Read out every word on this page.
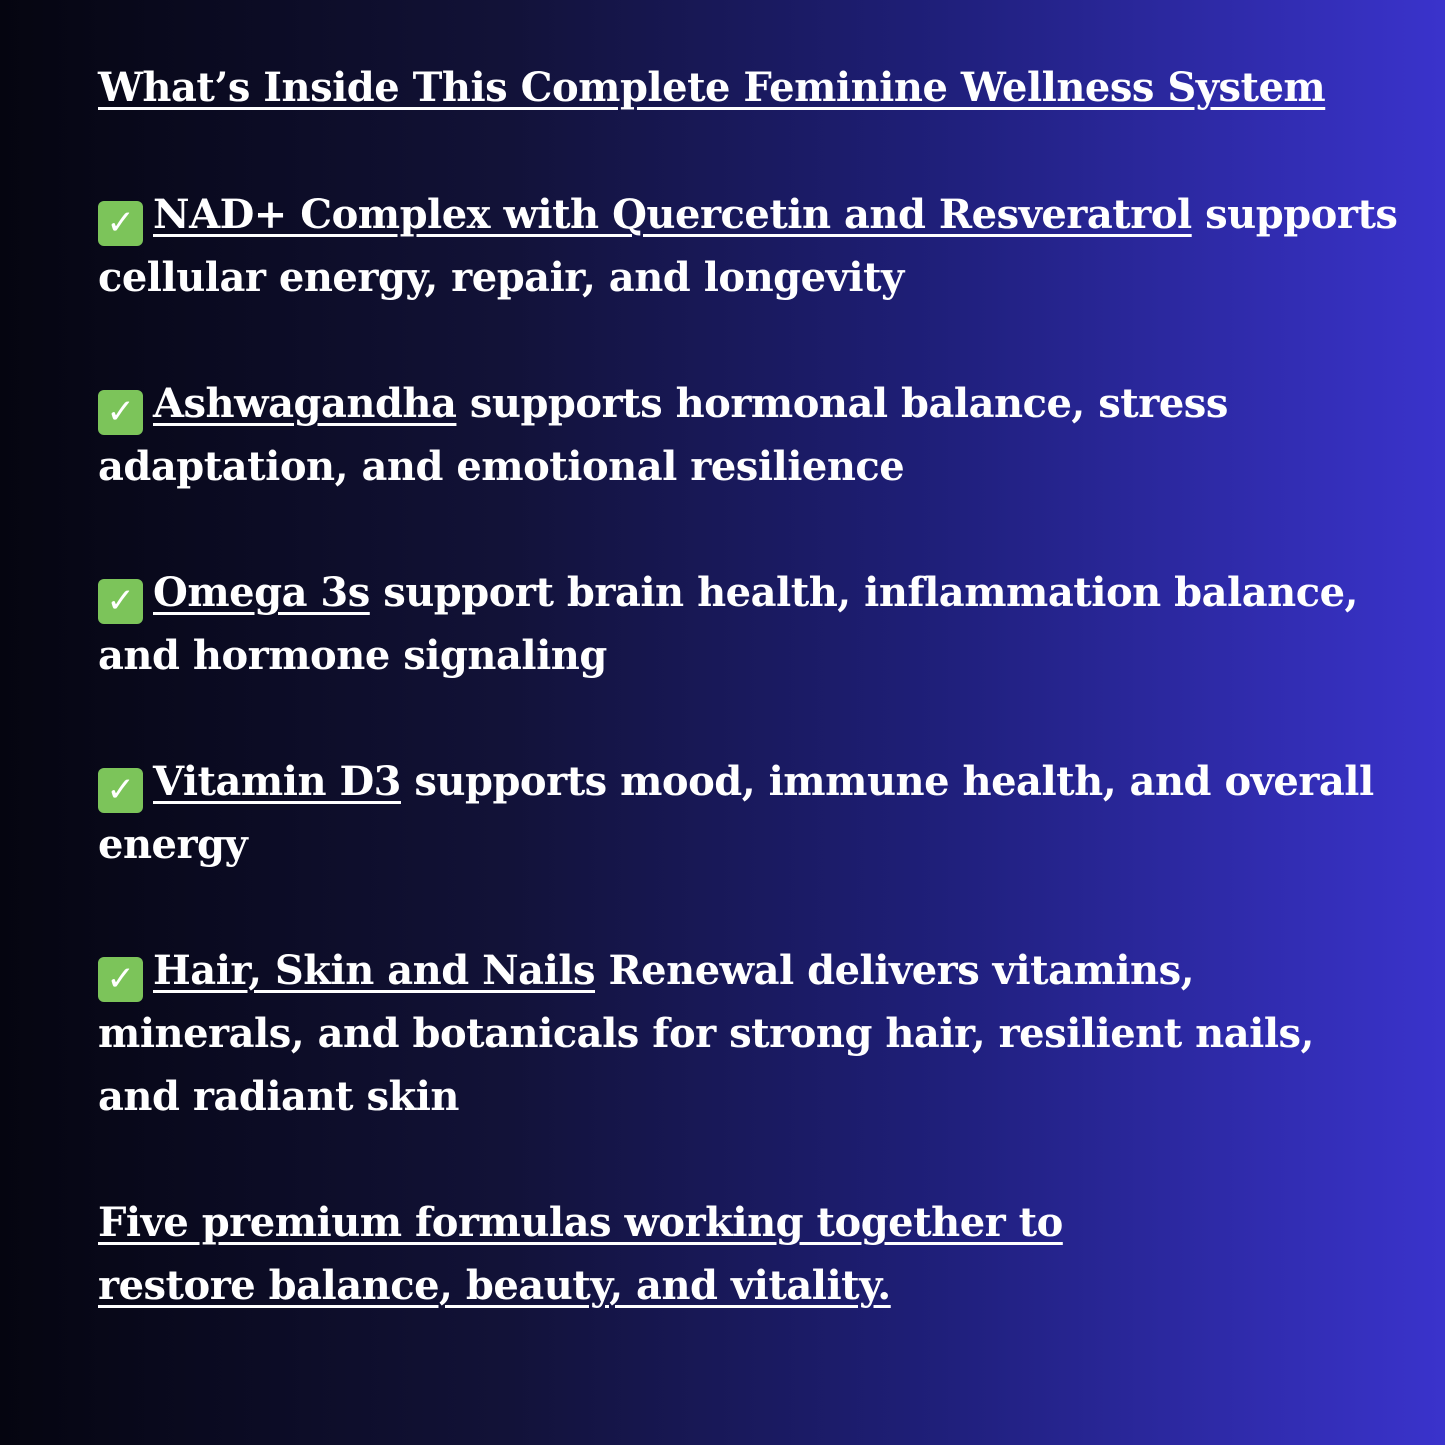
What’s Inside This Complete Feminine Wellness System

✓ NAD+ Complex with Quercetin and Resveratrol supports cellular energy, repair, and longevity

✓ Ashwagandha supports hormonal balance, stress adaptation, and emotional resilience

✓ Omega 3s support brain health, inflammation balance, and hormone signaling

✓ Vitamin D3 supports mood, immune health, and overall energy

✓ Hair, Skin and Nails Renewal delivers vitamins, minerals, and botanicals for strong hair, resilient nails, and radiant skin

Five premium formulas working together to restore balance, beauty, and vitality.
